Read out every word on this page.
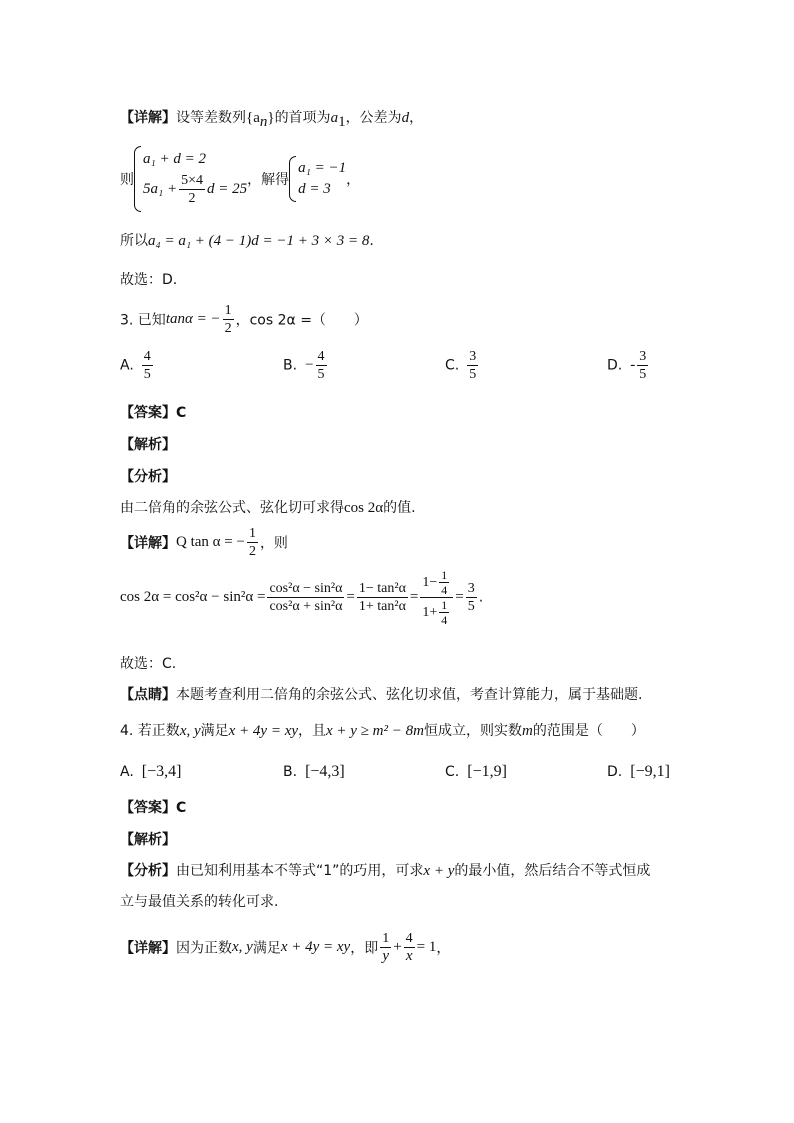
【详解】设等差数列$\{a_n\}$的首项为$a_1$，公差为d，
则
a₁ + d = 2
$5a_1 + \frac{5\times 4}{2}$ d = 25
，解得
a₁ = −1
d = 3
，
所以a₄ = a₁ + (4 − 1)d = −1 + 3 × 3 = 8.
故选：D.
3. 已知tanα = − $\frac{1}{2}$ ，cos 2α =（　　）
A. $\frac{4}{5}$	B. − $\frac{4}{5}$	C. $\frac{3}{5}$	D. - $\frac{3}{5}$
【答案】C
【解析】
【分析】
由二倍角的余弦公式、弦化切可求得cos 2α的值.
【详解】Q tan α = − $\frac{1}{2}$ ，则
$\cos 2\alpha = \cos^2\alpha - \sin^2\alpha = \frac{\text{cos²α − sin²α}}{\text{cos²α + sin²α}} = \frac{\text{1− tan²α}}{\text{1+ tan²α}} = \frac{1- \frac{1}{4}}{1+ \frac{1}{4}} = \frac{3}{5}$ .
故选：C.
【点睛】本题考查利用二倍角的余弦公式、弦化切求值，考查计算能力，属于基础题.
4. 若正数x, y满足x + 4y = xy，且x + y ≥ m² − 8m恒成立，则实数m的范围是（　　）
A. [−3,4]	B. [−4,3]	C. [−1,9]	D. [−9,1]
【答案】C
【解析】
【分析】由已知利用基本不等式“1”的巧用，可求x + y的最小值，然后结合不等式恒成
立与最值关系的转化可求.
【详解】因为正数x, y满足x + 4y = xy，即 $\frac{1}{y} + \frac{4}{x} = 1$，
